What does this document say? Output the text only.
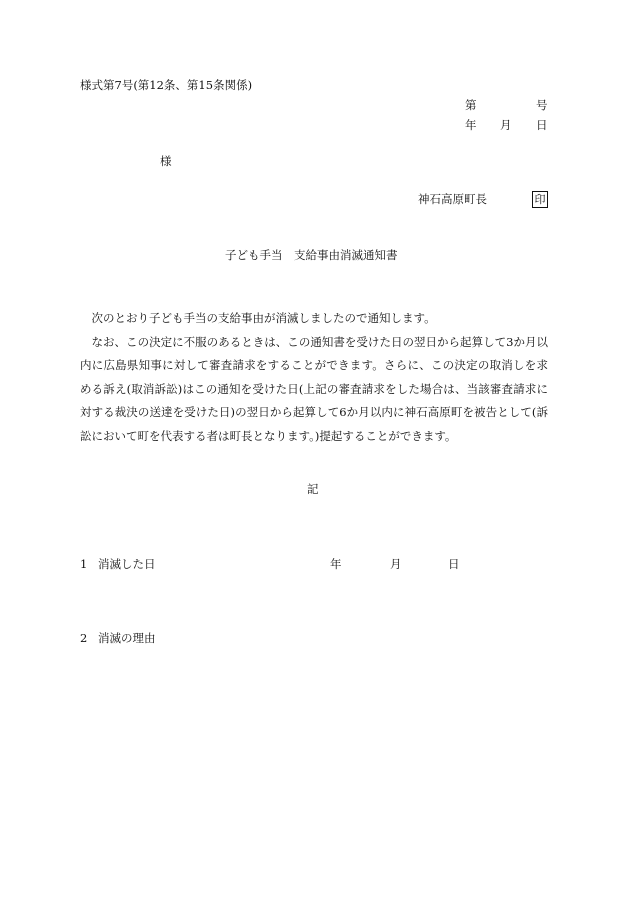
様式第7号(第12条、第15条関係)
第	号
年 月 日
様
神石高原町長	印
子ども手当　支給事由消滅通知書

次のとおり子ども手当の支給事由が消滅しましたので通知します。

なお、この決定に不服のあるときは、この通知書を受けた日の翌日から起算して3か月以内に広島県知事に対して審査請求をすることができます。さらに、この決定の取消しを求める訴え(取消訴訟)はこの通知を受けた日(上記の審査請求をした場合は、当該審査請求に対する裁決の送達を受けた日)の翌日から起算して6か月以内に神石高原町を被告として(訴訟において町を代表する者は町長となります。)提起することができます。

記
1 消滅した日	年	月	日
2 消滅の理由
